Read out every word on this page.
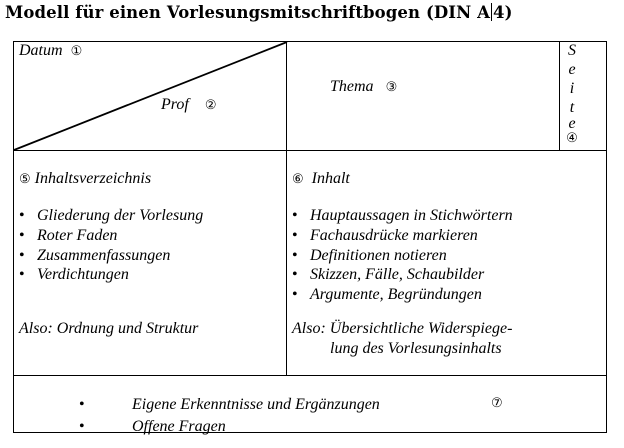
Modell für einen Vorlesungsmitschriftbogen (DIN A 4)
Datum ①
Prof ②
Thema ③
S
e
i
t
e
④
⑤ Inhaltsverzeichnis
• Gliederung der Vorlesung
• Roter Faden
• Zusammenfassungen
• Verdichtungen
Also: Ordnung und Struktur
⑥ Inhalt
• Hauptaussagen in Stichwörtern
• Fachausdrücke markieren
• Definitionen notieren
• Skizzen, Fälle, Schaubilder
• Argumente, Begründungen
Also: Übersichtliche Widerspiege-
lung des Vorlesungsinhalts
• Eigene Erkenntnisse und Ergänzungen
• Offene Fragen
⑦
